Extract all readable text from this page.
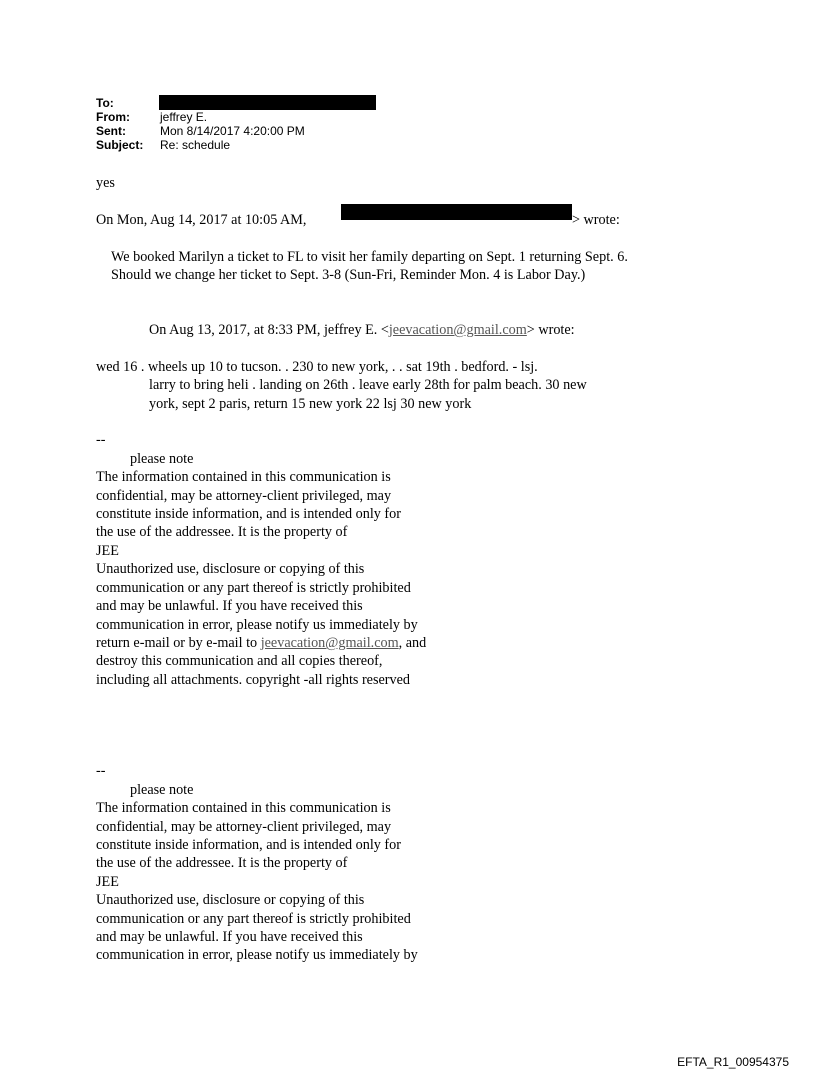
To:
From:	jeffrey E.
Sent:	Mon 8/14/2017 4:20:00 PM
Subject:	Re: schedule
yes
On Mon, Aug 14, 2017 at 10:05 AM,	> wrote:
We booked Marilyn a ticket to FL to visit her family departing on Sept. 1 returning Sept. 6.
Should we change her ticket to Sept. 3-8 (Sun-Fri, Reminder Mon. 4 is Labor Day.)
On Aug 13, 2017, at 8:33 PM, jeffrey E. <jeevacation@gmail.com> wrote:
wed 16 . wheels up 10 to tucson. . 230 to new york, . . sat 19th . bedford. - lsj.
larry to bring heli . landing on 26th . leave early 28th for palm beach. 30 new
york, sept 2 paris, return 15 new york 22 lsj 30 new york
--
please note
The information contained in this communication is
confidential, may be attorney-client privileged, may
constitute inside information, and is intended only for
the use of the addressee. It is the property of
JEE
Unauthorized use, disclosure or copying of this
communication or any part thereof is strictly prohibited
and may be unlawful. If you have received this
communication in error, please notify us immediately by
return e-mail or by e-mail to jeevacation@gmail.com, and
destroy this communication and all copies thereof,
including all attachments. copyright -all rights reserved
--
please note
The information contained in this communication is
confidential, may be attorney-client privileged, may
constitute inside information, and is intended only for
the use of the addressee. It is the property of
JEE
Unauthorized use, disclosure or copying of this
communication or any part thereof is strictly prohibited
and may be unlawful. If you have received this
communication in error, please notify us immediately by
EFTA_R1_00954375
